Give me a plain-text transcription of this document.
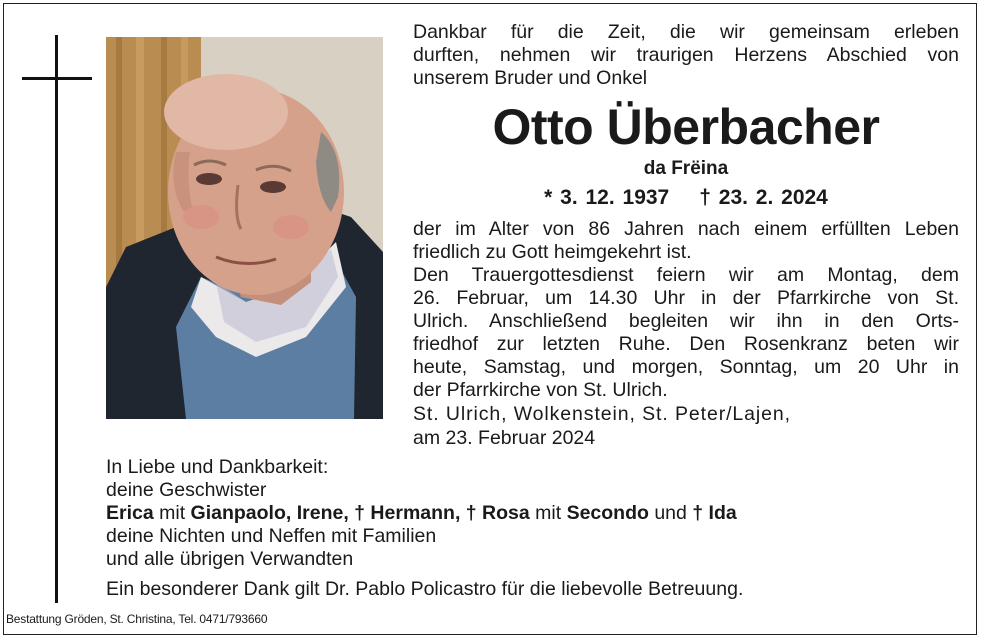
Dankbar für die Zeit, die wir gemeinsam erleben
durften, nehmen wir traurigen Herzens Abschied von
unserem Bruder und Onkel
Otto Überbacher
da Frëina
* 3. 12. 1937 † 23. 2. 2024
der im Alter von 86 Jahren nach einem erfüllten Leben
friedlich zu Gott heimgekehrt ist.
Den Trauergottesdienst feiern wir am Montag, dem
26. Februar, um 14.30 Uhr in der Pfarrkirche von St.
Ulrich. Anschließend begleiten wir ihn in den Orts-
friedhof zur letzten Ruhe. Den Rosenkranz beten wir
heute, Samstag, und morgen, Sonntag, um 20 Uhr in
der Pfarrkirche von St. Ulrich.
St. Ulrich, Wolkenstein, St. Peter/Lajen,
am 23. Februar 2024
In Liebe und Dankbarkeit:
deine Geschwister
Erica mit Gianpaolo, Irene, † Hermann, † Rosa mit Secondo und † Ida
deine Nichten und Neffen mit Familien
und alle übrigen Verwandten
Ein besonderer Dank gilt Dr. Pablo Policastro für die liebevolle Betreuung.
Bestattung Gröden, St. Christina, Tel. 0471/793660
